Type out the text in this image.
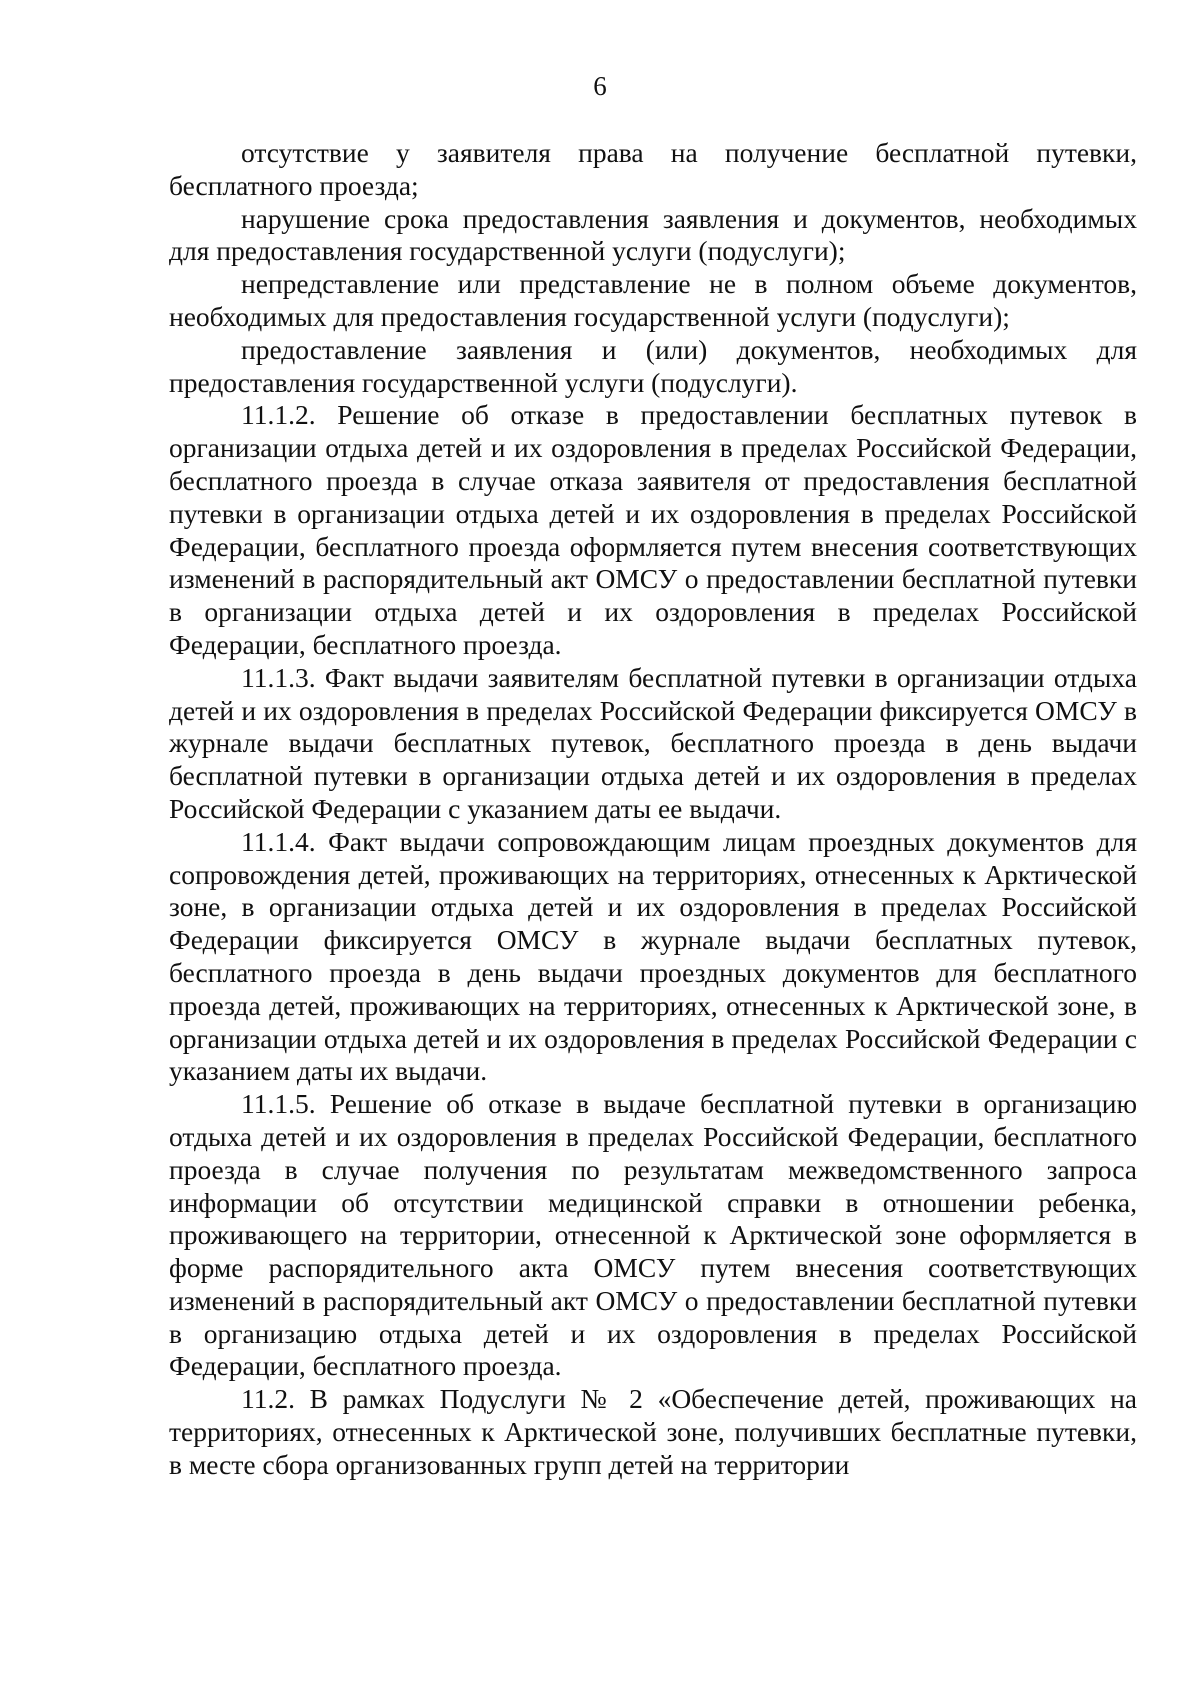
6

отсутствие у заявителя права на получение бесплатной путевки, бесплатного проезда;

нарушение срока предоставления заявления и документов, необходимых для предоставления государственной услуги (подуслуги);

непредставление или представление не в полном объеме документов, необходимых для предоставления государственной услуги (подуслуги);

предоставление заявления и (или) документов, необходимых для предоставления государственной услуги (подуслуги).

11.1.2. Решение об отказе в предоставлении бесплатных путевок в организации отдыха детей и их оздоровления в пределах Российской Федерации, бесплатного проезда в случае отказа заявителя от предоставления бесплатной путевки в организации отдыха детей и их оздоровления в пределах Российской Федерации, бесплатного проезда оформляется путем внесения соответствующих изменений в распорядительный акт ОМСУ о предоставлении бесплатной путевки в организации отдыха детей и их оздоровления в пределах Российской Федерации, бесплатного проезда.

11.1.3. Факт выдачи заявителям бесплатной путевки в организации отдыха детей и их оздоровления в пределах Российской Федерации фиксируется ОМСУ в журнале выдачи бесплатных путевок, бесплатного проезда в день выдачи бесплатной путевки в организации отдыха детей и их оздоровления в пределах Российской Федерации с указанием даты ее выдачи.

11.1.4. Факт выдачи сопровождающим лицам проездных документов для сопровождения детей, проживающих на территориях, отнесенных к Арктической зоне, в организации отдыха детей и их оздоровления в пределах Российской Федерации фиксируется ОМСУ в журнале выдачи бесплатных путевок, бесплатного проезда в день выдачи проездных документов для бесплатного проезда детей, проживающих на территориях, отнесенных к Арктической зоне, в организации отдыха детей и их оздоровления в пределах Российской Федерации с указанием даты их выдачи.

11.1.5. Решение об отказе в выдаче бесплатной путевки в организацию отдыха детей и их оздоровления в пределах Российской Федерации, бесплатного проезда в случае получения по результатам межведомственного запроса информации об отсутствии медицинской справки в отношении ребенка, проживающего на территории, отнесенной к Арктической зоне оформляется в форме распорядительного акта ОМСУ путем внесения соответствующих изменений в распорядительный акт ОМСУ о предоставлении бесплатной путевки в организацию отдыха детей и их оздоровления в пределах Российской Федерации, бесплатного проезда.

11.2. В рамках Подуслуги № 2 «Обеспечение детей, проживающих на территориях, отнесенных к Арктической зоне, получивших бесплатные путевки, в месте сбора организованных групп детей на территории
